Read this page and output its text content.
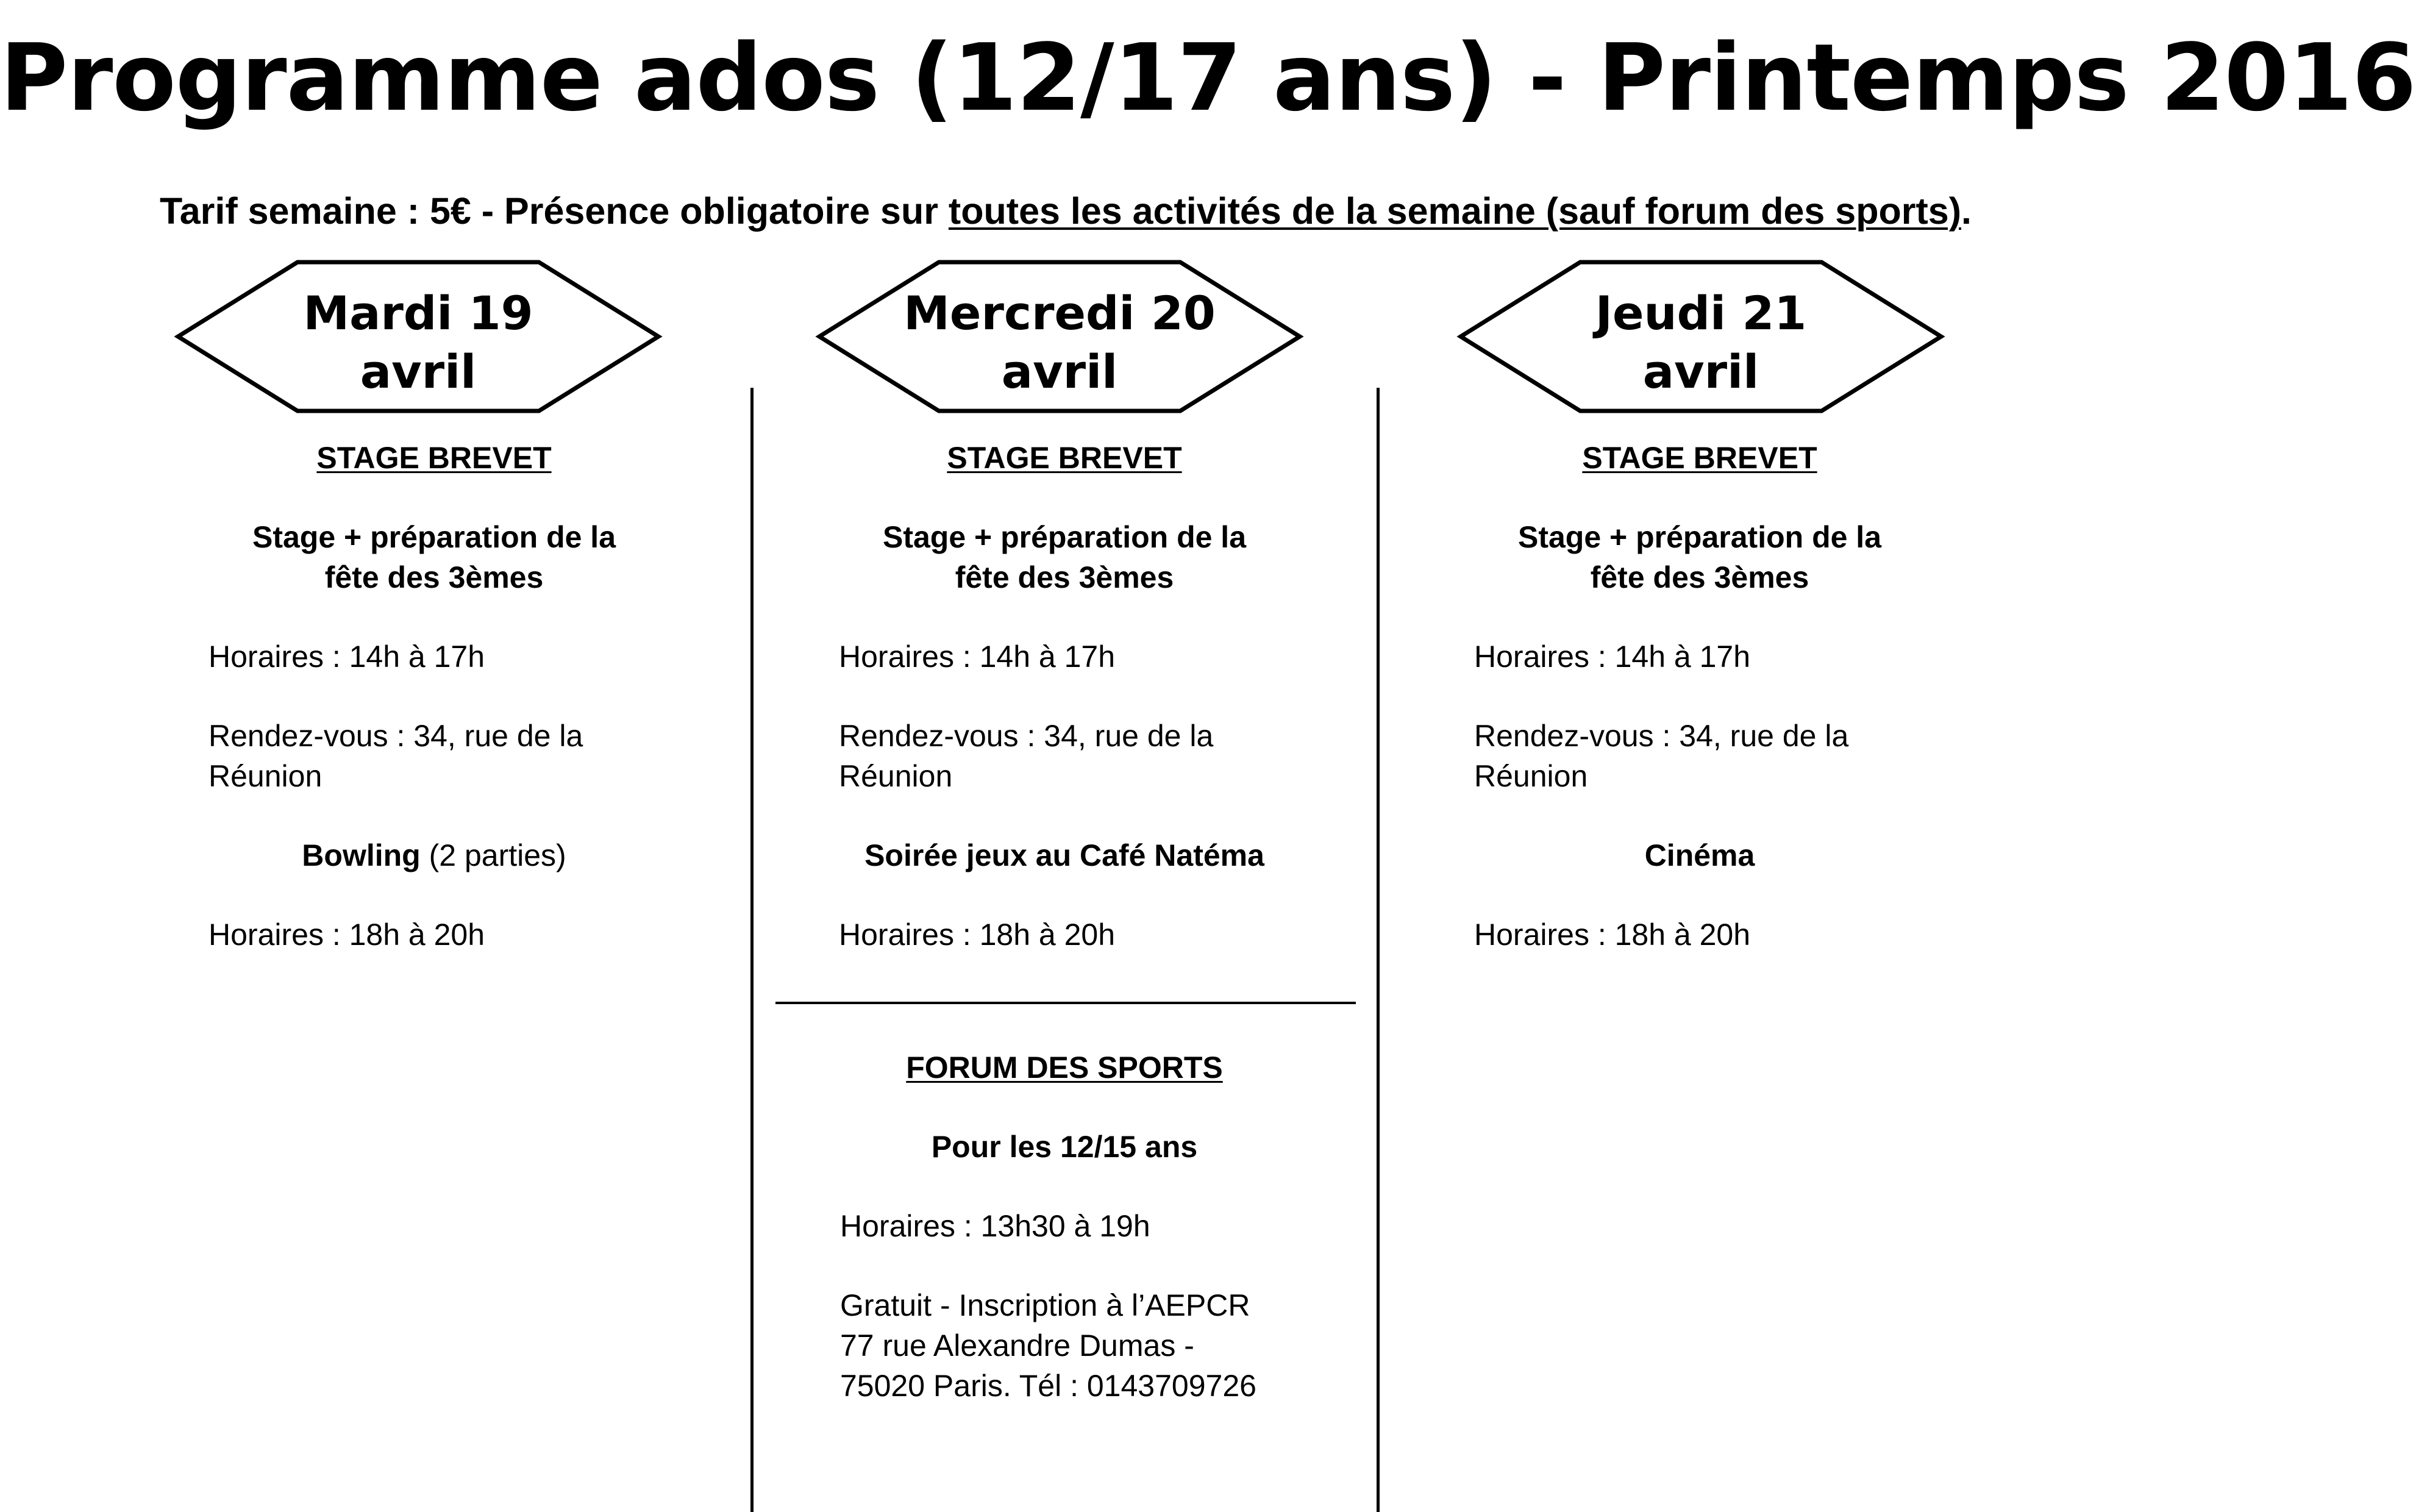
Programme ados (12/17 ans) - Printemps 2016
Tarif semaine : 5€ - Présence obligatoire sur toutes les activités de la semaine (sauf forum des sports).
Mardi 19
avril
Mercredi 20
avril
Jeudi 21
avril
STAGE BREVET
Stage + préparation de la
fête des 3èmes
Horaires : 14h à 17h
Rendez-vous : 34, rue de la
Réunion
Bowling (2 parties)
Horaires : 18h à 20h
STAGE BREVET
Stage + préparation de la
fête des 3èmes
Horaires : 14h à 17h
Rendez-vous : 34, rue de la
Réunion
Soirée jeux au Café Natéma
Horaires : 18h à 20h
FORUM DES SPORTS
Pour les 12/15 ans
Horaires : 13h30 à 19h
Gratuit - Inscription à l’AEPCR
77 rue Alexandre Dumas -
75020 Paris. Tél : 0143709726
STAGE BREVET
Stage + préparation de la
fête des 3èmes
Horaires : 14h à 17h
Rendez-vous : 34, rue de la
Réunion
Cinéma
Horaires : 18h à 20h
